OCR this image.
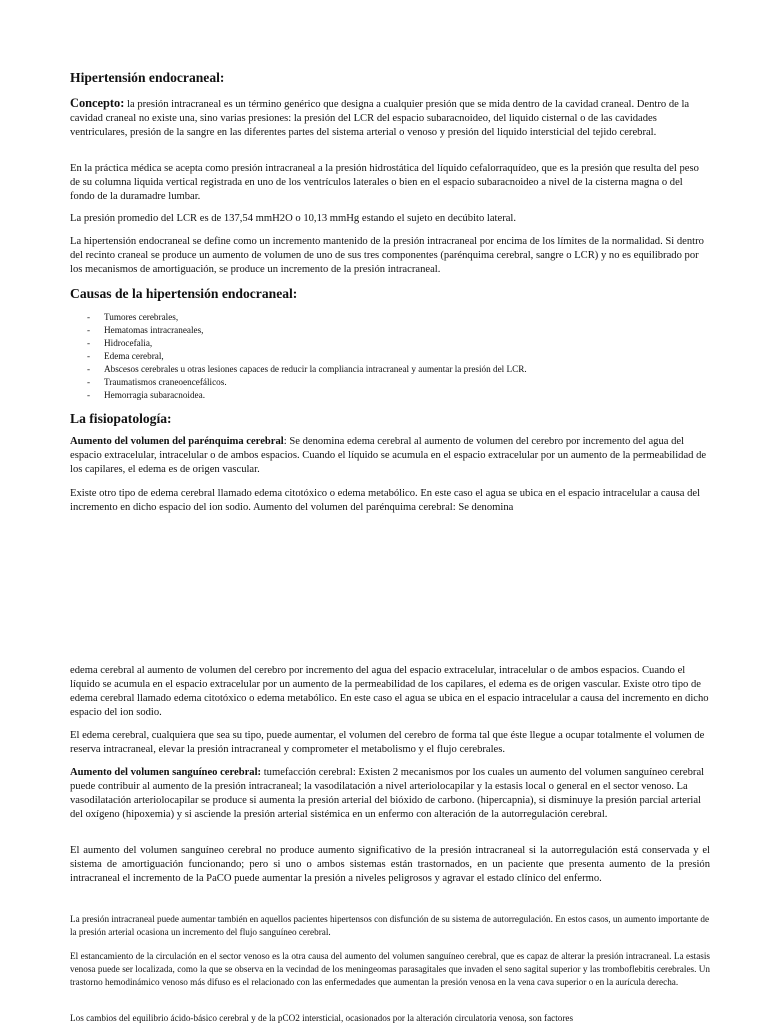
Hipertensión endocraneal:

Concepto: la presión intracraneal es un término genérico que designa a cualquier presión que se mida dentro de la cavidad craneal. Dentro de la cavidad craneal no existe una, sino varias presiones: la presión del LCR del espacio subaracnoideo, del liquido cisternal o de las cavidades ventriculares, presión de la sangre en las diferentes partes del sistema arterial o venoso y presión del liquido intersticial del tejido cerebral.

En la práctica médica se acepta como presión intracraneal a la presión hidrostática del líquido cefalorraquídeo, que es la presión que resulta del peso de su columna liquida vertical registrada en uno de los ventrículos laterales o bien en el espacio subaracnoideo a nivel de la cisterna magna o del fondo de la duramadre lumbar.

La presión promedio del LCR es de 137,54 mmH2O o 10,13 mmHg estando el sujeto en decúbito lateral.

La hipertensión endocraneal se define como un incremento mantenido de la presión intracraneal por encima de los límites de la normalidad. Si dentro del recinto craneal se produce un aumento de volumen de uno de sus tres componentes (parénquima cerebral, sangre o LCR) y no es equilibrado por los mecanismos de amortiguación, se produce un incremento de la presión intracraneal.

Causas de la hipertensión endocraneal:
- Tumores cerebrales,
- Hematomas intracraneales,
- Hidrocefalia,
- Edema cerebral,
- Abscesos cerebrales u otras lesiones capaces de reducir la compliancia intracraneal y aumentar la presión del LCR.
- Traumatismos craneoencefálicos.
- Hemorragia subaracnoidea.
La fisiopatología:

Aumento del volumen del parénquima cerebral: Se denomina edema cerebral al aumento de volumen del cerebro por incremento del agua del espacio extracelular, intracelular o de ambos espacios. Cuando el líquido se acumula en el espacio extracelular por un aumento de la permeabilidad de los capilares, el edema es de origen vascular.

Existe otro tipo de edema cerebral llamado edema citotóxico o edema metabólico. En este caso el agua se ubica en el espacio intracelular a causa del incremento en dicho espacio del ion sodio. Aumento del volumen del parénquima cerebral: Se denomina

edema cerebral al aumento de volumen del cerebro por incremento del agua del espacio extracelular, intracelular o de ambos espacios. Cuando el líquido se acumula en el espacio extracelular por un aumento de la permeabilidad de los capilares, el edema es de origen vascular. Existe otro tipo de edema cerebral llamado edema citotóxico o edema metabólico. En este caso el agua se ubica en el espacio intracelular a causa del incremento en dicho espacio del ion sodio.

El edema cerebral, cualquiera que sea su tipo, puede aumentar, el volumen del cerebro de forma tal que éste llegue a ocupar totalmente el volumen de reserva intracraneal, elevar la presión intracraneal y comprometer el metabolismo y el flujo cerebrales.

Aumento del volumen sanguíneo cerebral: tumefacción cerebral: Existen 2 mecanismos por los cuales un aumento del volumen sanguíneo cerebral puede contribuir al aumento de la presión intracraneal; la vasodilatación a nivel arteriolocapilar y la estasis local o general en el sector venoso. La vasodilatación arteriolocapilar se produce si aumenta la presión arterial del bióxido de carbono. (hipercapnia), si disminuye la presión parcial arterial del oxígeno (hipoxemia) y si asciende la presión arterial sistémica en un enfermo con alteración de la autorregulación cerebral.

El aumento del volumen sanguíneo cerebral no produce aumento significativo de la presión intracraneal si la autorregulación está conservada y el sistema de amortiguación funcionando; pero si uno o ambos sistemas están trastornados, en un paciente que presenta aumento de la presión intracraneal el incremento de la PaCO puede aumentar la presión a niveles peligrosos y agravar el estado clínico del enfermo.

La presión intracraneal puede aumentar también en aquellos pacientes hipertensos con disfunción de su sistema de autorregulación. En estos casos, un aumento importante de la presión arterial ocasiona un incremento del flujo sanguíneo cerebral.

El estancamiento de la circulación en el sector venoso es la otra causa del aumento del volumen sanguíneo cerebral, que es capaz de alterar la presión intracraneal. La estasis venosa puede ser localizada, como la que se observa en la vecindad de los meningeomas parasagitales que invaden el seno sagital superior y las tromboflebitis cerebrales. Un trastorno hemodinámico venoso más difuso es el relacionado con las enfermedades que aumentan la presión venosa en la vena cava superior o en la aurícula derecha.

Los cambios del equilibrio ácido-básico cerebral y de la pCO2 intersticial, ocasionados por la alteración circulatoria venosa, son factores
